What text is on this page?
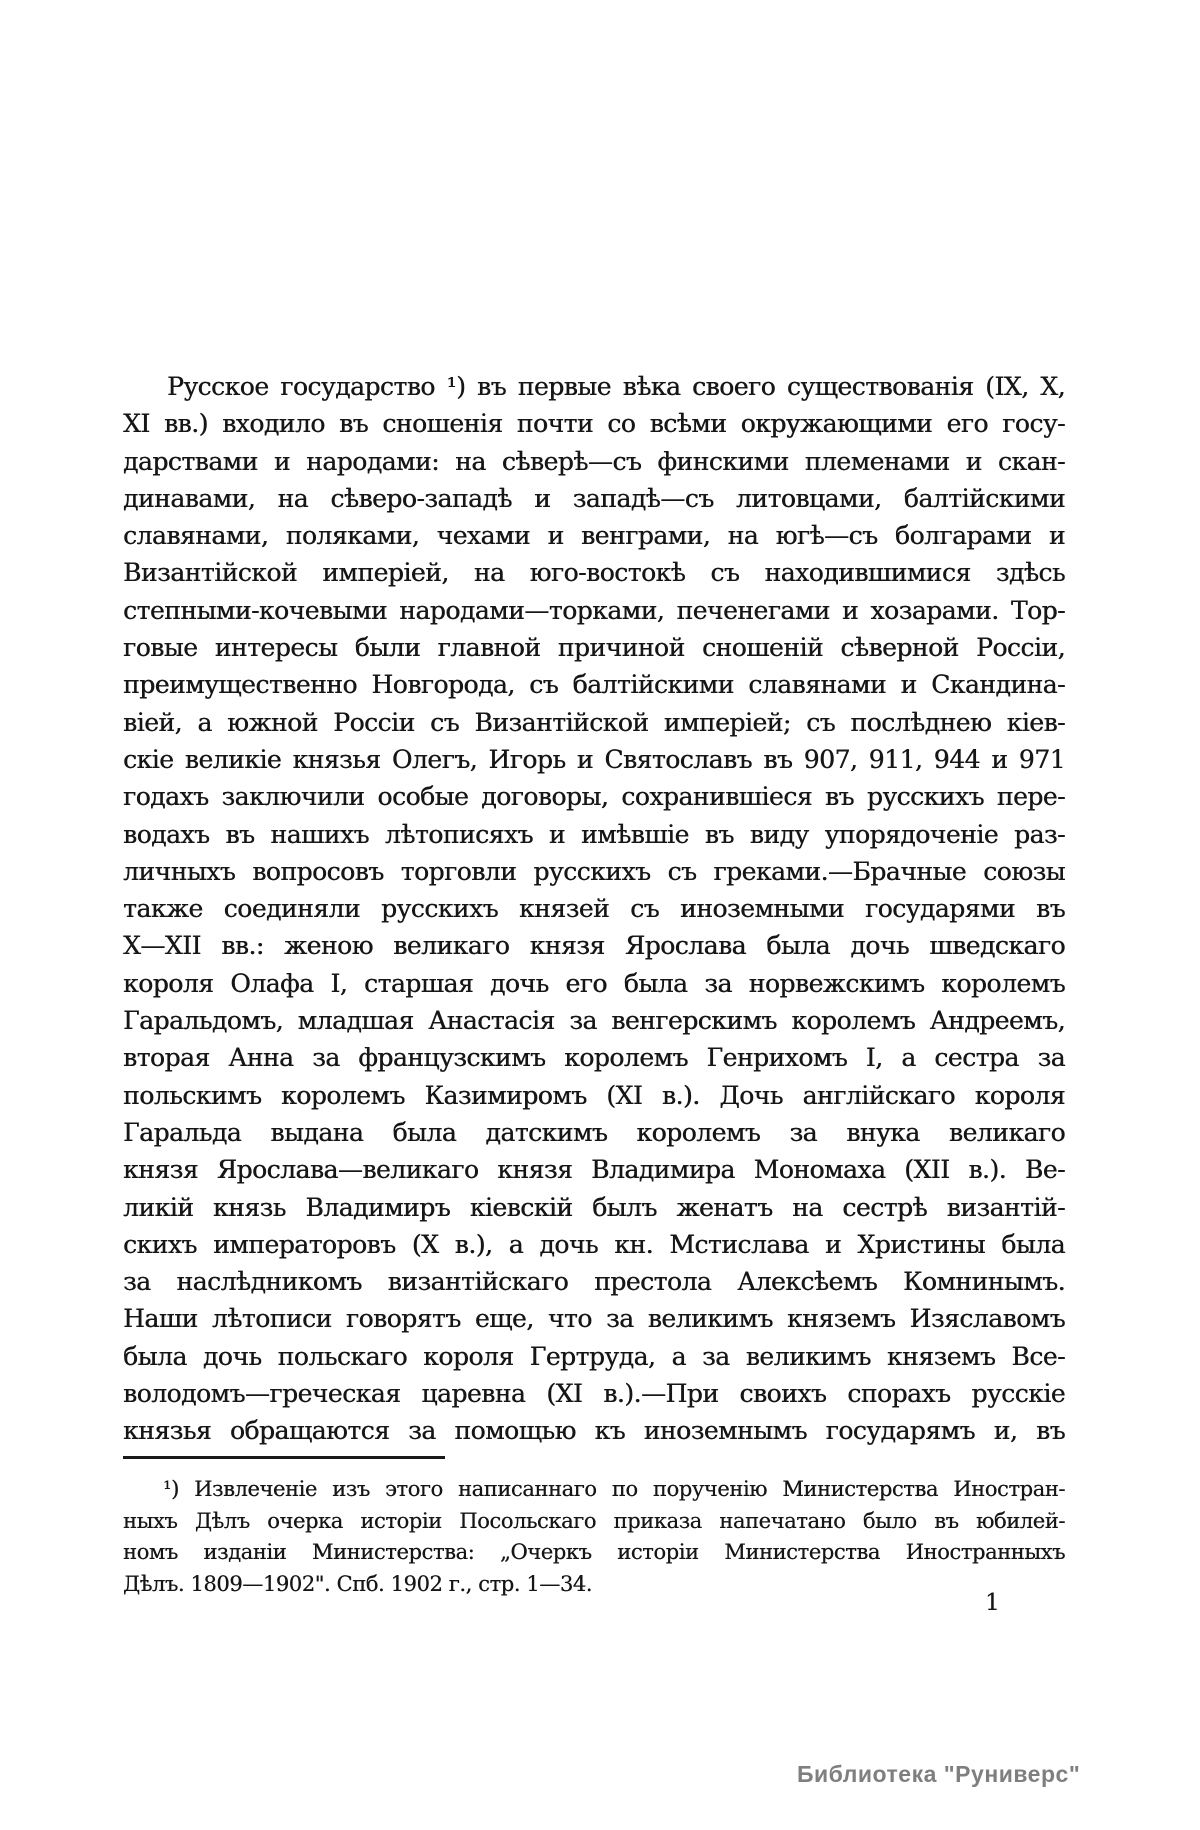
Русское государство ¹) въ первые вѣка своего существованія (IX, X,
XI вв.) входило въ сношенія почти со всѣми окружающими его госу-
дарствами и народами: на сѣверѣ—съ финскими племенами и скан-
динавами, на сѣверо-западѣ и западѣ—съ литовцами, балтійскими
славянами, поляками, чехами и венграми, на югѣ—съ болгарами и
Византійской имперіей, на юго-востокѣ съ находившимися здѣсь
степными-кочевыми народами—торками, печенегами и хозарами. Тор-
говые интересы были главной причиной сношеній сѣверной Россіи,
преимущественно Новгорода, съ балтійскими славянами и Скандина-
віей, а южной Россіи съ Византійской имперіей; съ послѣднею кіев-
скіе великіе князья Олегъ, Игорь и Святославъ въ 907, 911, 944 и 971
годахъ заключили особые договоры, сохранившіеся въ русскихъ пере-
водахъ въ нашихъ лѣтописяхъ и имѣвшіе въ виду упорядоченіе раз-
личныхъ вопросовъ торговли русскихъ съ греками.—Брачные союзы
также соединяли русскихъ князей съ иноземными государями въ
X—XII вв.: женою великаго князя Ярослава была дочь шведскаго
короля Олафа I, старшая дочь его была за норвежскимъ королемъ
Гаральдомъ, младшая Анастасія за венгерскимъ королемъ Андреемъ,
вторая Анна за французскимъ королемъ Генрихомъ I, а сестра за
польскимъ королемъ Казимиромъ (XI в.). Дочь англійскаго короля
Гаральда выдана была датскимъ королемъ за внука великаго
князя Ярослава—великаго князя Владимира Мономаха (XII в.). Ве-
ликій князь Владимиръ кіевскій былъ женатъ на сестрѣ византій-
скихъ императоровъ (X в.), а дочь кн. Мстислава и Христины была
за наслѣдникомъ византійскаго престола Алексѣемъ Комнинымъ.
Наши лѣтописи говорятъ еще, что за великимъ княземъ Изяславомъ
была дочь польскаго короля Гертруда, а за великимъ княземъ Все-
володомъ—греческая царевна (XI в.).—При своихъ спорахъ русскіе
князья обращаются за помощью къ иноземнымъ государямъ и, въ
¹) Извлеченіе изъ этого написаннаго по порученію Министерства Иностран-
ныхъ Дѣлъ очерка исторіи Посольскаго приказа напечатано было въ юбилей-
номъ изданіи Министерства: „Очеркъ исторіи Министерства Иностранныхъ
Дѣлъ. 1809—1902". Спб. 1902 г., стр. 1—34.
1
Библиотека "Руниверс"
